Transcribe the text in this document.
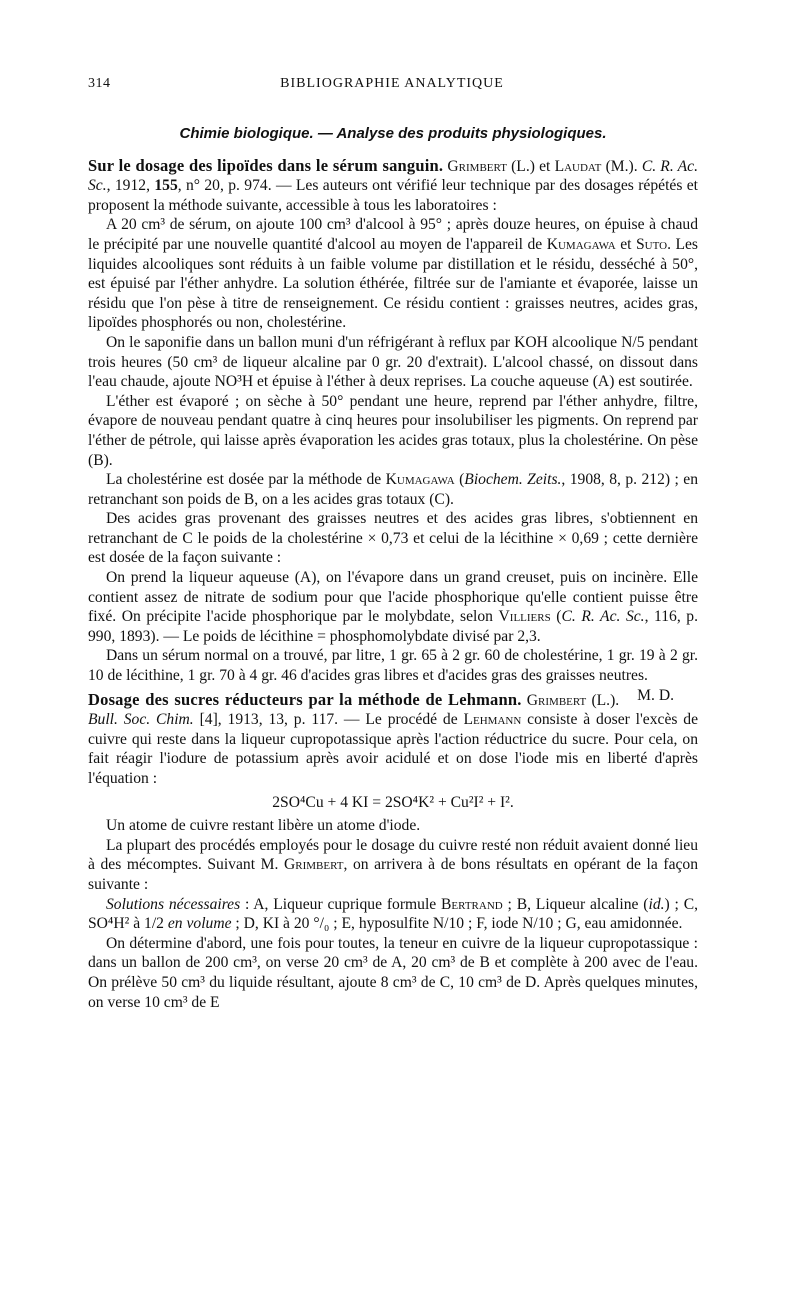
314	BIBLIOGRAPHIE ANALYTIQUE
Chimie biologique. — Analyse des produits physiologiques.

Sur le dosage des lipoïdes dans le sérum sanguin. Grimbert (L.) et Laudat (M.). C. R. Ac. Sc., 1912, 155, n° 20, p. 974. — Les auteurs ont vérifié leur technique par des dosages répétés et proposent la méthode suivante, accessible à tous les laboratoires :

A 20 cm³ de sérum, on ajoute 100 cm³ d'alcool à 95° ; après douze heures, on épuise à chaud le précipité par une nouvelle quantité d'alcool au moyen de l'appareil de Kumagawa et Suto. Les liquides alcooliques sont réduits à un faible volume par distillation et le résidu, desséché à 50°, est épuisé par l'éther anhydre. La solution éthérée, filtrée sur de l'amiante et évaporée, laisse un résidu que l'on pèse à titre de renseignement. Ce résidu contient : graisses neutres, acides gras, lipoïdes phosphorés ou non, cholestérine.

On le saponifie dans un ballon muni d'un réfrigérant à reflux par KOH alcoolique N/5 pendant trois heures (50 cm³ de liqueur alcaline par 0 gr. 20 d'extrait). L'alcool chassé, on dissout dans l'eau chaude, ajoute NO³H et épuise à l'éther à deux reprises. La couche aqueuse (A) est soutirée.

L'éther est évaporé ; on sèche à 50° pendant une heure, reprend par l'éther anhydre, filtre, évapore de nouveau pendant quatre à cinq heures pour insolubiliser les pigments. On reprend par l'éther de pétrole, qui laisse après évaporation les acides gras totaux, plus la cholestérine. On pèse (B).

La cholestérine est dosée par la méthode de Kumagawa (Biochem. Zeits., 1908, 8, p. 212) ; en retranchant son poids de B, on a les acides gras totaux (C).

Des acides gras provenant des graisses neutres et des acides gras libres, s'obtiennent en retranchant de C le poids de la cholestérine × 0,73 et celui de la lécithine × 0,69 ; cette dernière est dosée de la façon suivante :

On prend la liqueur aqueuse (A), on l'évapore dans un grand creuset, puis on incinère. Elle contient assez de nitrate de sodium pour que l'acide phosphorique qu'elle contient puisse être fixé. On précipite l'acide phosphorique par le molybdate, selon Villiers (C. R. Ac. Sc., 116, p. 990, 1893). — Le poids de lécithine = phosphomolybdate divisé par 2,3.

Dans un sérum normal on a trouvé, par litre, 1 gr. 65 à 2 gr. 60 de cholestérine, 1 gr. 19 à 2 gr. 10 de lécithine, 1 gr. 70 à 4 gr. 46 d'acides gras libres et d'acides gras des graisses neutres.
M. D.

Dosage des sucres réducteurs par la méthode de Lehmann. Grimbert (L.). Bull. Soc. Chim. [4], 1913, 13, p. 117. — Le procédé de Lehmann consiste à doser l'excès de cuivre qui reste dans la liqueur cupropotassique après l'action réductrice du sucre. Pour cela, on fait réagir l'iodure de potassium après avoir acidulé et on dose l'iode mis en liberté d'après l'équation :

2SO⁴Cu + 4 KI = 2SO⁴K² + Cu²I² + I².

Un atome de cuivre restant libère un atome d'iode.

La plupart des procédés employés pour le dosage du cuivre resté non réduit avaient donné lieu à des mécomptes. Suivant M. Grimbert, on arrivera à de bons résultats en opérant de la façon suivante :

Solutions nécessaires : A, Liqueur cuprique formule Bertrand ; B, Liqueur alcaline (id.) ; C, SO⁴H² à 1/2 en volume ; D, KI à 20 °/₀ ; E, hyposulfite N/10 ; F, iode N/10 ; G, eau amidonnée.

On détermine d'abord, une fois pour toutes, la teneur en cuivre de la liqueur cupropotassique : dans un ballon de 200 cm³, on verse 20 cm³ de A, 20 cm³ de B et complète à 200 avec de l'eau. On prélève 50 cm³ du liquide résultant, ajoute 8 cm³ de C, 10 cm³ de D. Après quelques minutes, on verse 10 cm³ de E
